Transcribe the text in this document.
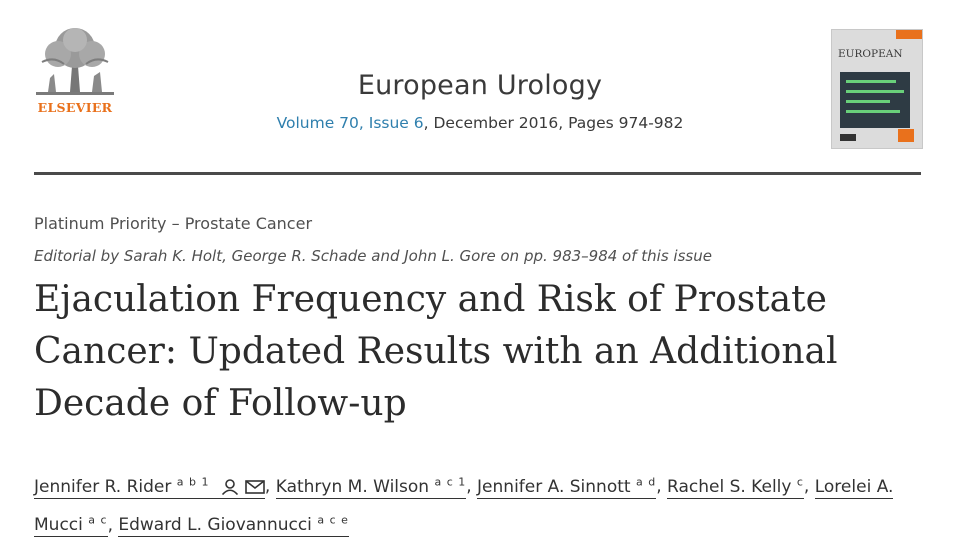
ELSEVIER
European Urology
Volume 70, Issue 6, December 2016, Pages 974-982
EUROPEAN
Platinum Priority – Prostate Cancer
Editorial by Sarah K. Holt, George R. Schade and John L. Gore on pp. 983–984 of this issue
Ejaculation Frequency and Risk of Prostate Cancer: Updated Results with an Additional Decade of Follow-up
Jennifer R. Rider $^{a b 1}$	, Kathryn M. Wilson $^{a c 1}$, Jennifer A. Sinnott $^{a d}$, Rachel S. Kelly $^c$, Lorelei A. Mucci $^{a c}$, Edward L. Giovannucci $^{a c e}$
